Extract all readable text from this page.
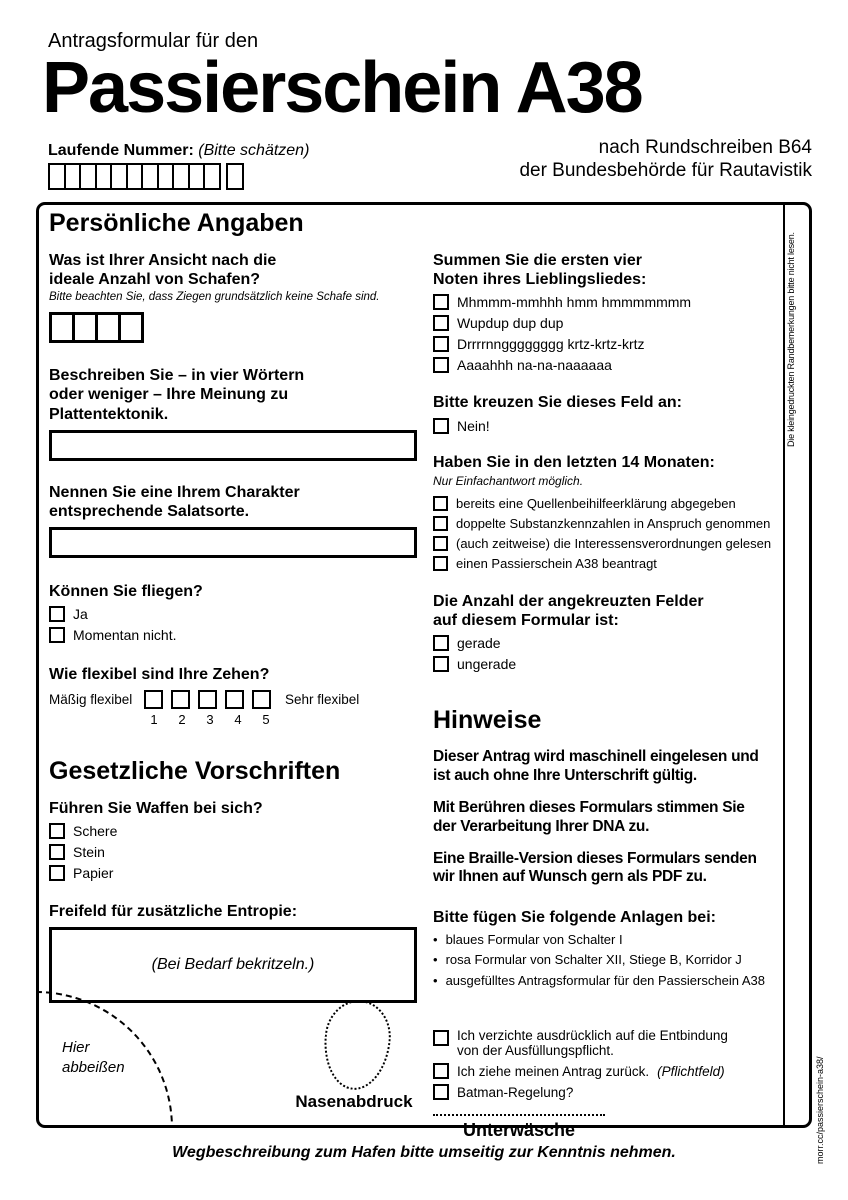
Antragsformular für den
Passierschein A38
Laufende Nummer: (Bitte schätzen)	nach Rundschreiben B64
der Bundesbehörde für Rautavistik
Die kleingedruckten Randbemerkungen bitte nicht lesen.
Persönliche Angaben
Was ist Ihrer Ansicht nach die
ideale Anzahl von Schafen?
Bitte beachten Sie, dass Ziegen grundsätzlich keine Schafe sind.
Beschreiben Sie – in vier Wörtern
oder weniger – Ihre Meinung zu
Plattentektonik.
Nennen Sie eine Ihrem Charakter
entsprechende Salatsorte.
Können Sie fliegen?
Ja
Momentan nicht.
Wie flexibel sind Ihre Zehen?
Mäßig flexibel	Sehr flexibel
1	2	3	4	5
Gesetzliche Vorschriften
Führen Sie Waffen bei sich?
Schere
Stein
Papier
Freifeld für zusätzliche Entropie:
(Bei Bedarf bekritzeln.)
Summen Sie die ersten vier
Noten ihres Lieblingsliedes:
Mhmmm-mmhhh hmm hmmmmmmm
Wupdup dup dup
Drrrrnngggggggg krtz-krtz-krtz
Aaaahhh na-na-naaaaaa
Bitte kreuzen Sie dieses Feld an:
Nein!
Haben Sie in den letzten 14 Monaten:
Nur Einfachantwort möglich.
bereits eine Quellenbeihilfeerklärung abgegeben
doppelte Substanzkennzahlen in Anspruch genommen
(auch zeitweise) die Interessensverordnungen gelesen
einen Passierschein A38 beantragt
Die Anzahl der angekreuzten Felder
auf diesem Formular ist:
gerade
ungerade
Hinweise
Dieser Antrag wird maschinell eingelesen und
ist auch ohne Ihre Unterschrift gültig.
Mit Berühren dieses Formulars stimmen Sie
der Verarbeitung Ihrer DNA zu.
Eine Braille-Version dieses Formulars senden
wir Ihnen auf Wunsch gern als PDF zu.
Bitte fügen Sie folgende Anlagen bei:
• blaues Formular von Schalter I
• rosa Formular von Schalter XII, Stiege B, Korridor J
• ausgefülltes Antragsformular für den Passierschein A38
Ich verzichte ausdrücklich auf die Entbindung
von der Ausfüllungspflicht.
Ich ziehe meinen Antrag zurück. (Pflichtfeld)
Batman-Regelung?
Unterwäsche
Hier
abbeißen
Nasenabdruck	morr.cc/passierschein-a38/
Wegbeschreibung zum Hafen bitte umseitig zur Kenntnis nehmen.
